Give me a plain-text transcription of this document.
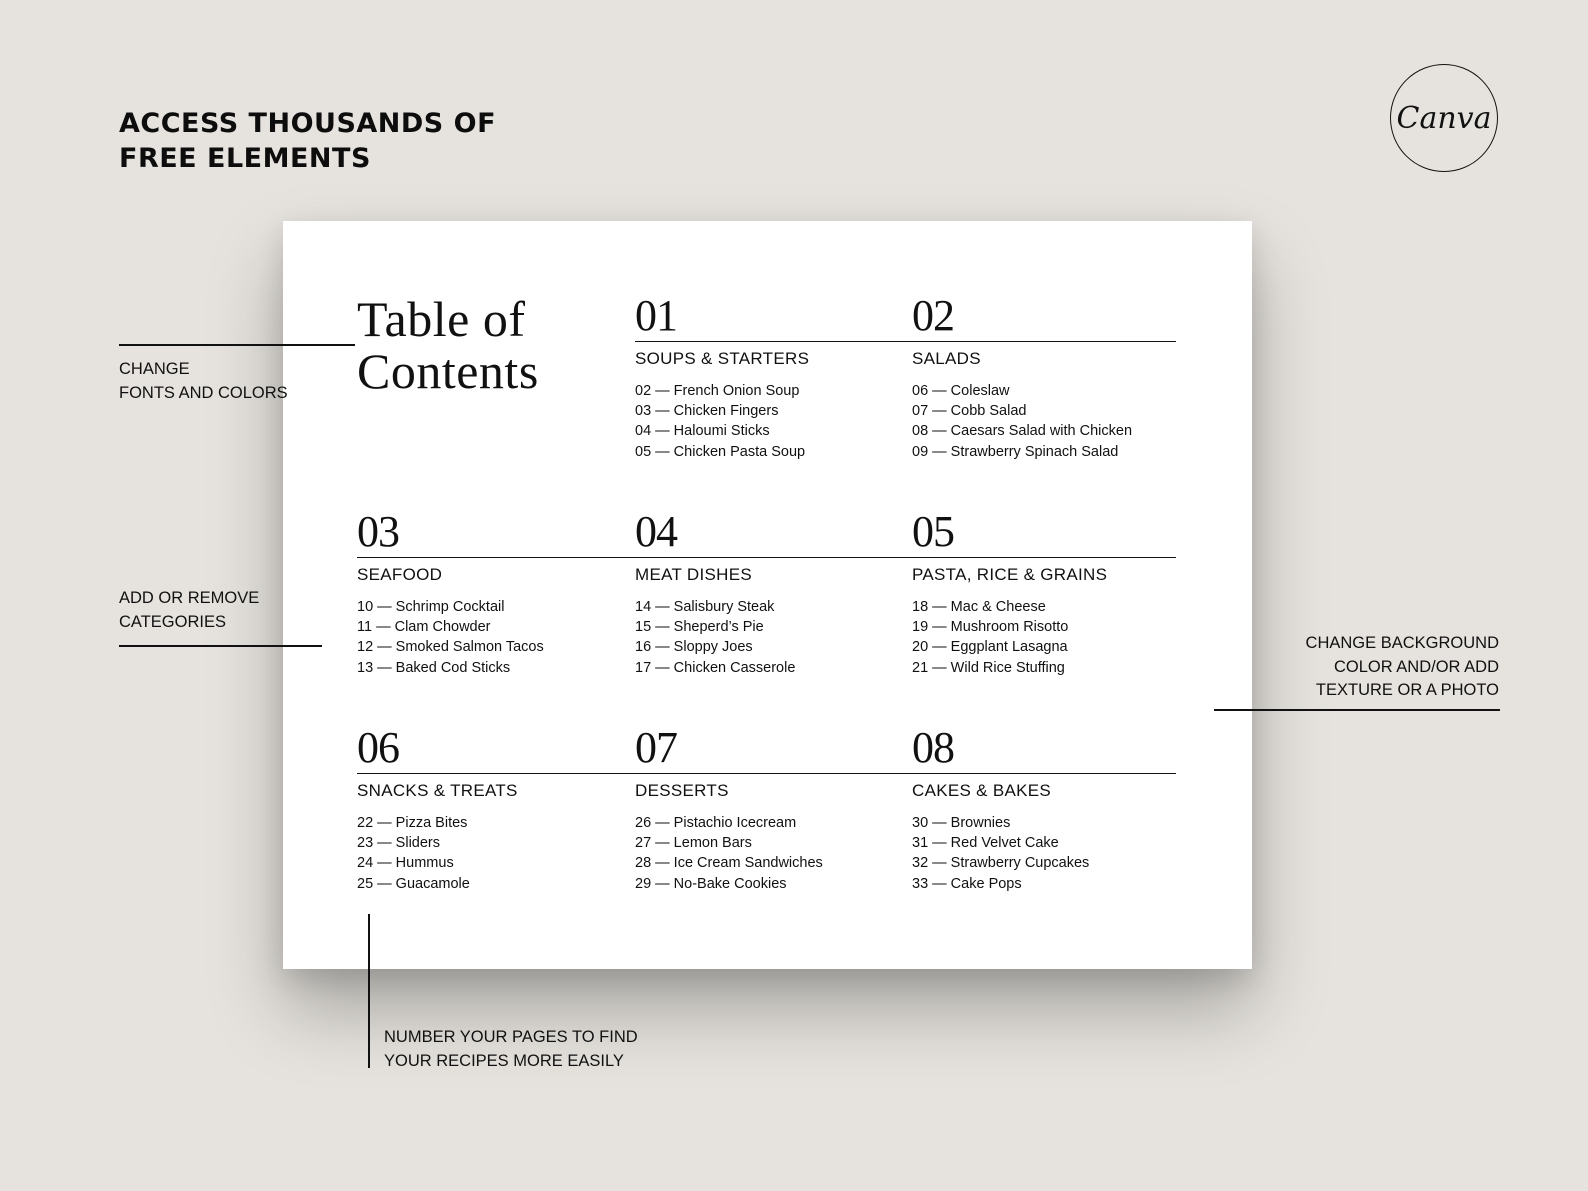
ACCESS THOUSANDS OF
FREE ELEMENTS
Canva
Table of
Contents
01
SOUPS & STARTERS
02 — French Onion Soup
03 — Chicken Fingers
04 — Haloumi Sticks
05 — Chicken Pasta Soup
02
SALADS
06 — Coleslaw
07 — Cobb Salad
08 — Caesars Salad with Chicken
09 — Strawberry Spinach Salad
03
SEAFOOD
10 — Schrimp Cocktail
11 — Clam Chowder
12 — Smoked Salmon Tacos
13 — Baked Cod Sticks
04
MEAT DISHES
14 — Salisbury Steak
15 — Sheperd’s Pie
16 — Sloppy Joes
17 — Chicken Casserole
05
PASTA, RICE & GRAINS
18 — Mac & Cheese
19 — Mushroom Risotto
20 — Eggplant Lasagna
21 — Wild Rice Stuffing
06
SNACKS & TREATS
22 — Pizza Bites
23 — Sliders
24 — Hummus
25 — Guacamole
07
DESSERTS
26 — Pistachio Icecream
27 — Lemon Bars
28 — Ice Cream Sandwiches
29 — No-Bake Cookies
08
CAKES & BAKES
30 — Brownies
31 — Red Velvet Cake
32 — Strawberry Cupcakes
33 — Cake Pops
CHANGE
FONTS AND COLORS
ADD OR REMOVE
CATEGORIES
CHANGE BACKGROUND
COLOR AND/OR ADD
TEXTURE OR A PHOTO
NUMBER YOUR PAGES TO FIND
YOUR RECIPES MORE EASILY
